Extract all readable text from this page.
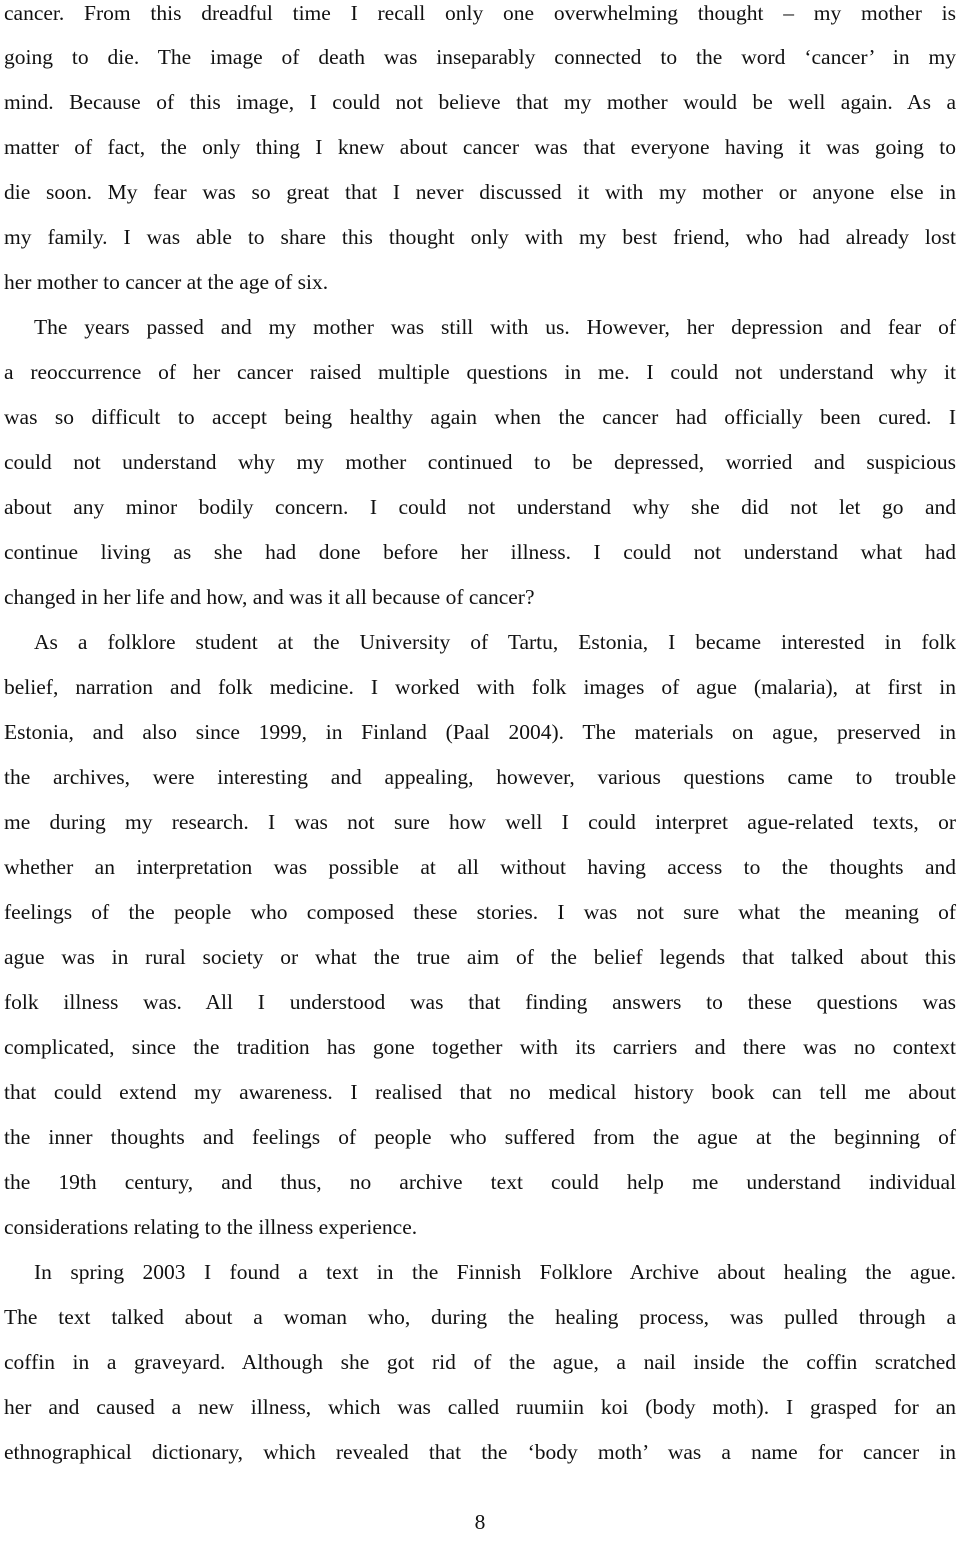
cancer. From this dreadful time I recall only one overwhelming thought – my mother is
going to die. The image of death was inseparably connected to the word ‘cancer’ in my
mind. Because of this image, I could not believe that my mother would be well again. As a
matter of fact, the only thing I knew about cancer was that everyone having it was going to
die soon. My fear was so great that I never discussed it with my mother or anyone else in
my family. I was able to share this thought only with my best friend, who had already lost
her mother to cancer at the age of six.
The years passed and my mother was still with us. However, her depression and fear of
a reoccurrence of her cancer raised multiple questions in me. I could not understand why it
was so difficult to accept being healthy again when the cancer had officially been cured. I
could not understand why my mother continued to be depressed, worried and suspicious
about any minor bodily concern. I could not understand why she did not let go and
continue living as she had done before her illness. I could not understand what had
changed in her life and how, and was it all because of cancer?
As a folklore student at the University of Tartu, Estonia, I became interested in folk
belief, narration and folk medicine. I worked with folk images of ague (malaria), at first in
Estonia, and also since 1999, in Finland (Paal 2004). The materials on ague, preserved in
the archives, were interesting and appealing, however, various questions came to trouble
me during my research. I was not sure how well I could interpret ague-related texts, or
whether an interpretation was possible at all without having access to the thoughts and
feelings of the people who composed these stories. I was not sure what the meaning of
ague was in rural society or what the true aim of the belief legends that talked about this
folk illness was. All I understood was that finding answers to these questions was
complicated, since the tradition has gone together with its carriers and there was no context
that could extend my awareness. I realised that no medical history book can tell me about
the inner thoughts and feelings of people who suffered from the ague at the beginning of
the 19th century, and thus, no archive text could help me understand individual
considerations relating to the illness experience.
In spring 2003 I found a text in the Finnish Folklore Archive about healing the ague.
The text talked about a woman who, during the healing process, was pulled through a
coffin in a graveyard. Although she got rid of the ague, a nail inside the coffin scratched
her and caused a new illness, which was called ruumiin koi (body moth). I grasped for an
ethnographical dictionary, which revealed that the ‘body moth’ was a name for cancer in
8
